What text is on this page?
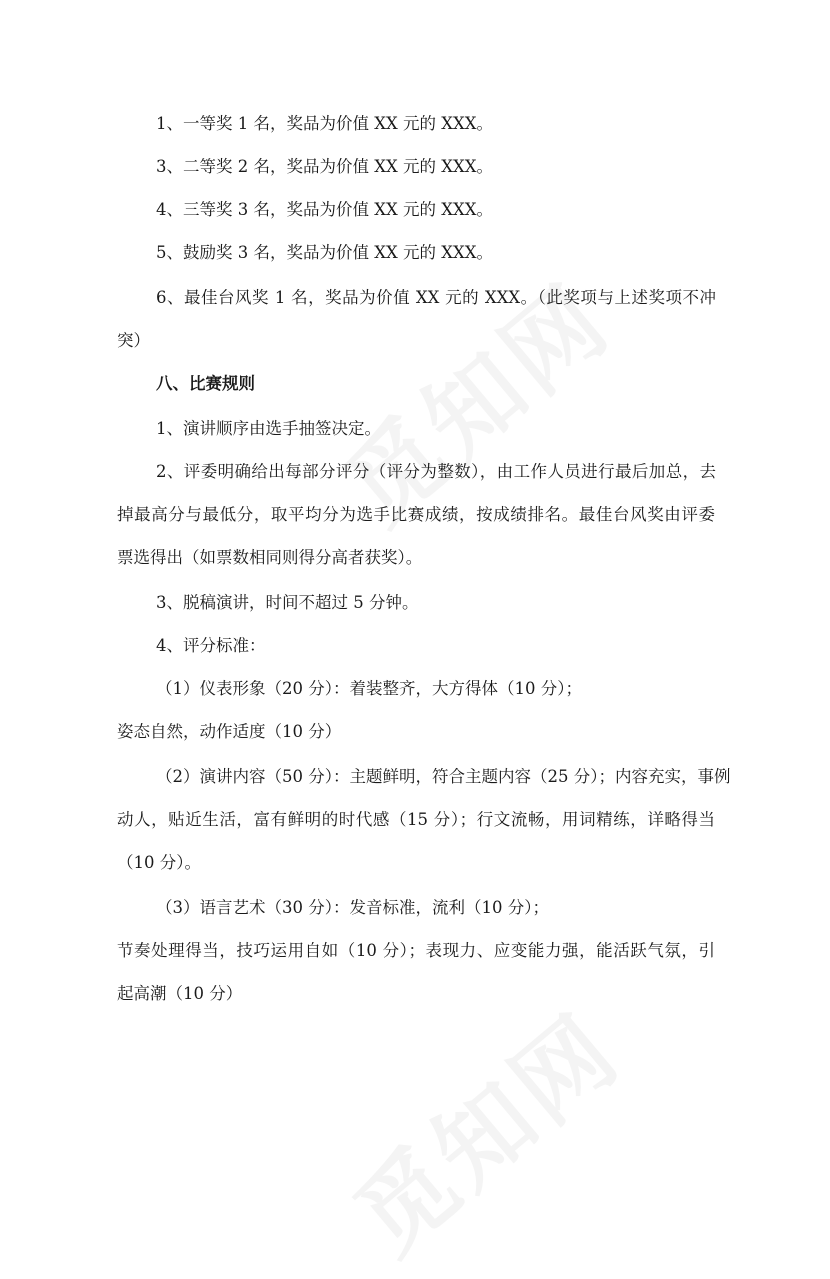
1、一等奖 1 名，奖品为价值 XX 元的 XXX。
3、二等奖 2 名，奖品为价值 XX 元的 XXX。
4、三等奖 3 名，奖品为价值 XX 元的 XXX。
5、鼓励奖 3 名，奖品为价值 XX 元的 XXX。
6、最佳台风奖 1 名，奖品为价值 XX 元的 XXX。（此奖项与上述奖项不冲
突）
八、比赛规则
1、演讲顺序由选手抽签决定。
2、评委明确给出每部分评分（评分为整数），由工作人员进行最后加总，去
掉最高分与最低分，取平均分为选手比赛成绩，按成绩排名。最佳台风奖由评委
票选得出（如票数相同则得分高者获奖）。
3、脱稿演讲，时间不超过 5 分钟。
4、评分标准：
（1）仪表形象（20 分）：着装整齐，大方得体（10 分）；
姿态自然，动作适度（10 分）
（2）演讲内容（50 分）：主题鲜明，符合主题内容（25 分）；内容充实，事例
动人，贴近生活，富有鲜明的时代感（15 分）；行文流畅，用词精练，详略得当
（10 分）。
（3）语言艺术（30 分）：发音标准，流利（10 分）；
节奏处理得当，技巧运用自如（10 分）；表现力、应变能力强，能活跃气氛，引
起高潮（10 分）
